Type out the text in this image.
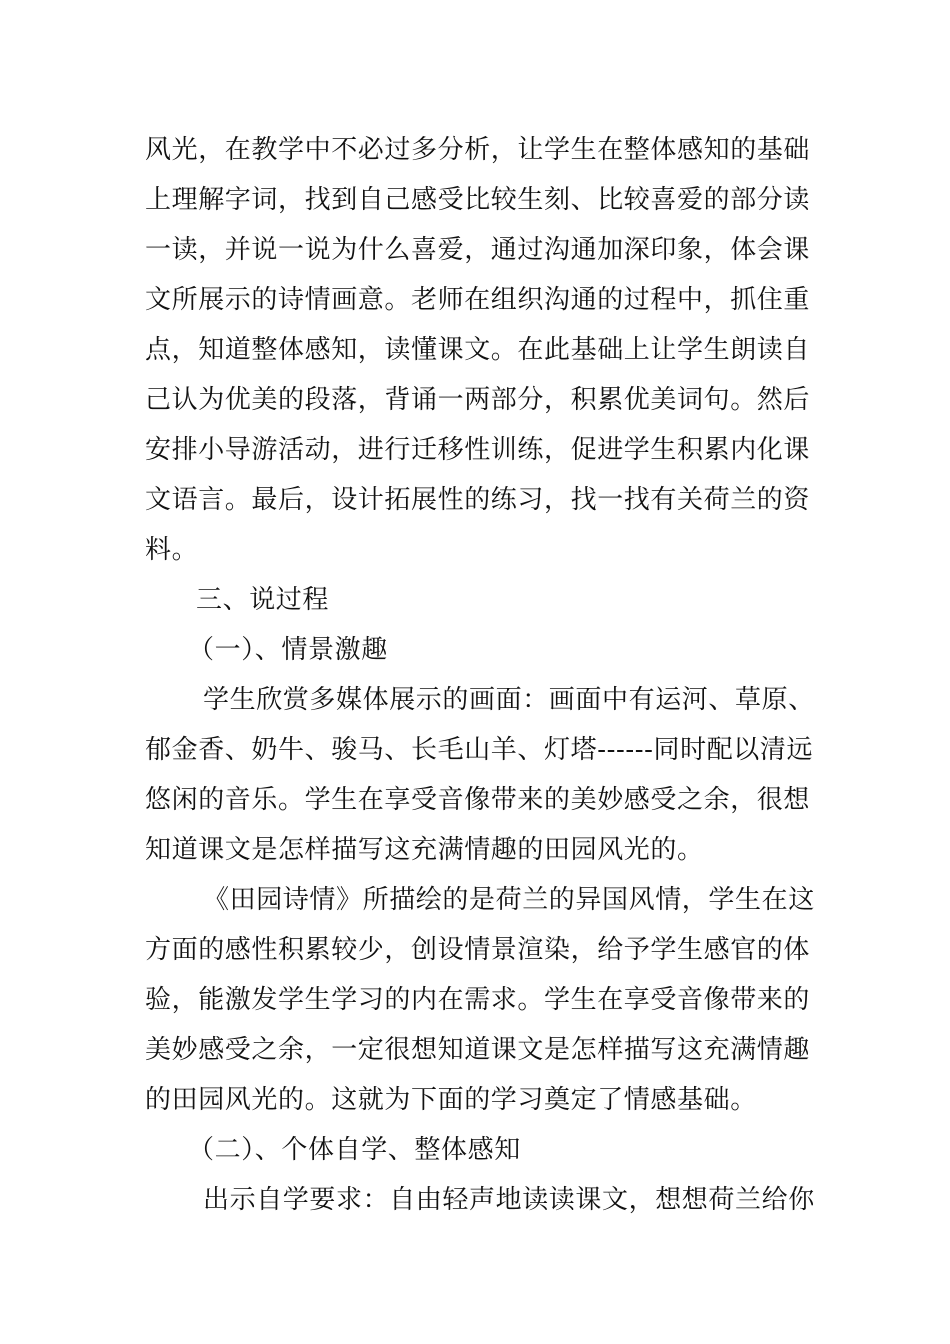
风光，在教学中不必过多分析，让学生在整体感知的基础
上理解字词，找到自己感受比较生刻、比较喜爱的部分读
一读，并说一说为什么喜爱，通过沟通加深印象，体会课
文所展示的诗情画意。老师在组织沟通的过程中，抓住重
点，知道整体感知，读懂课文。在此基础上让学生朗读自
己认为优美的段落，背诵一两部分，积累优美词句。然后
安排小导游活动，进行迁移性训练，促进学生积累内化课
文语言。最后，设计拓展性的练习，找一找有关荷兰的资
料。
三、说过程
（一）、情景激趣
学生欣赏多媒体展示的画面：画面中有运河、草原、
郁金香、奶牛、骏马、长毛山羊、灯塔------同时配以清远
悠闲的音乐。学生在享受音像带来的美妙感受之余，很想
知道课文是怎样描写这充满情趣的田园风光的。
《田园诗情》所描绘的是荷兰的异国风情，学生在这
方面的感性积累较少，创设情景渲染，给予学生感官的体
验，能激发学生学习的内在需求。学生在享受音像带来的
美妙感受之余，一定很想知道课文是怎样描写这充满情趣
的田园风光的。这就为下面的学习奠定了情感基础。
（二）、个体自学、整体感知
出示自学要求：自由轻声地读读课文，想想荷兰给你
